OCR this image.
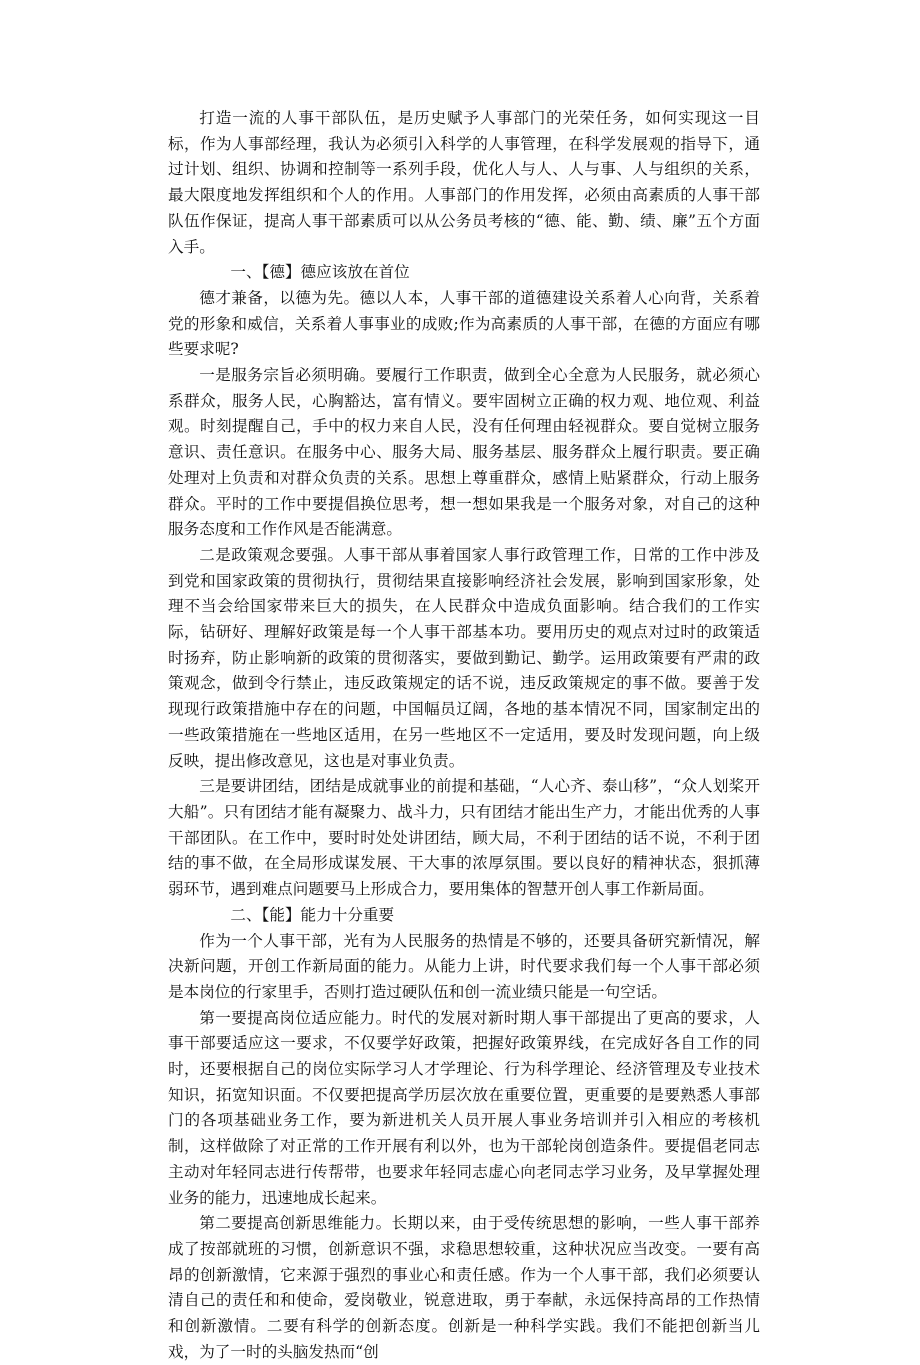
打造一流的人事干部队伍，是历史赋予人事部门的光荣任务，如何实现这一目标，作为人事部经理，我认为必须引入科学的人事管理，在科学发展观的指导下，通过计划、组织、协调和控制等一系列手段，优化人与人、人与事、人与组织的关系，最大限度地发挥组织和个人的作用。人事部门的作用发挥，必须由高素质的人事干部队伍作保证，提高人事干部素质可以从公务员考核的“德、能、勤、绩、廉”五个方面入手。

一、【德】德应该放在首位

德才兼备，以德为先。德以人本，人事干部的道德建设关系着人心向背，关系着党的形象和威信，关系着人事事业的成败;作为高素质的人事干部，在德的方面应有哪些要求呢?

一是服务宗旨必须明确。要履行工作职责，做到全心全意为人民服务，就必须心系群众，服务人民，心胸豁达，富有情义。要牢固树立正确的权力观、地位观、利益观。时刻提醒自己，手中的权力来自人民，没有任何理由轻视群众。要自觉树立服务意识、责任意识。在服务中心、服务大局、服务基层、服务群众上履行职责。要正确处理对上负责和对群众负责的关系。思想上尊重群众，感情上贴紧群众，行动上服务群众。平时的工作中要提倡换位思考，想一想如果我是一个服务对象，对自己的这种服务态度和工作作风是否能满意。

二是政策观念要强。人事干部从事着国家人事行政管理工作，日常的工作中涉及到党和国家政策的贯彻执行，贯彻结果直接影响经济社会发展，影响到国家形象，处理不当会给国家带来巨大的损失，在人民群众中造成负面影响。结合我们的工作实际，钻研好、理解好政策是每一个人事干部基本功。要用历史的观点对过时的政策适时扬弃，防止影响新的政策的贯彻落实，要做到勤记、勤学。运用政策要有严肃的政策观念，做到令行禁止，违反政策规定的话不说，违反政策规定的事不做。要善于发现现行政策措施中存在的问题，中国幅员辽阔，各地的基本情况不同，国家制定出的一些政策措施在一些地区适用，在另一些地区不一定适用，要及时发现问题，向上级反映，提出修改意见，这也是对事业负责。

三是要讲团结，团结是成就事业的前提和基础，“人心齐、泰山移”，“众人划桨开大船”。只有团结才能有凝聚力、战斗力，只有团结才能出生产力，才能出优秀的人事干部团队。在工作中，要时时处处讲团结，顾大局，不利于团结的话不说，不利于团结的事不做，在全局形成谋发展、干大事的浓厚氛围。要以良好的精神状态，狠抓薄弱环节，遇到难点问题要马上形成合力，要用集体的智慧开创人事工作新局面。

二、【能】能力十分重要

作为一个人事干部，光有为人民服务的热情是不够的，还要具备研究新情况，解决新问题，开创工作新局面的能力。从能力上讲，时代要求我们每一个人事干部必须是本岗位的行家里手，否则打造过硬队伍和创一流业绩只能是一句空话。

第一要提高岗位适应能力。时代的发展对新时期人事干部提出了更高的要求，人事干部要适应这一要求，不仅要学好政策，把握好政策界线，在完成好各自工作的同时，还要根据自己的岗位实际学习人才学理论、行为科学理论、经济管理及专业技术知识，拓宽知识面。不仅要把提高学历层次放在重要位置，更重要的是要熟悉人事部门的各项基础业务工作，要为新进机关人员开展人事业务培训并引入相应的考核机制，这样做除了对正常的工作开展有利以外，也为干部轮岗创造条件。要提倡老同志主动对年轻同志进行传帮带，也要求年轻同志虚心向老同志学习业务，及早掌握处理业务的能力，迅速地成长起来。

第二要提高创新思维能力。长期以来，由于受传统思想的影响，一些人事干部养成了按部就班的习惯，创新意识不强，求稳思想较重，这种状况应当改变。一要有高昂的创新激情，它来源于强烈的事业心和责任感。作为一个人事干部，我们必须要认清自己的责任和和使命，爱岗敬业，锐意进取，勇于奉献，永远保持高昂的工作热情和创新激情。二要有科学的创新态度。创新是一种科学实践。我们不能把创新当儿戏，为了一时的头脑发热而“创
